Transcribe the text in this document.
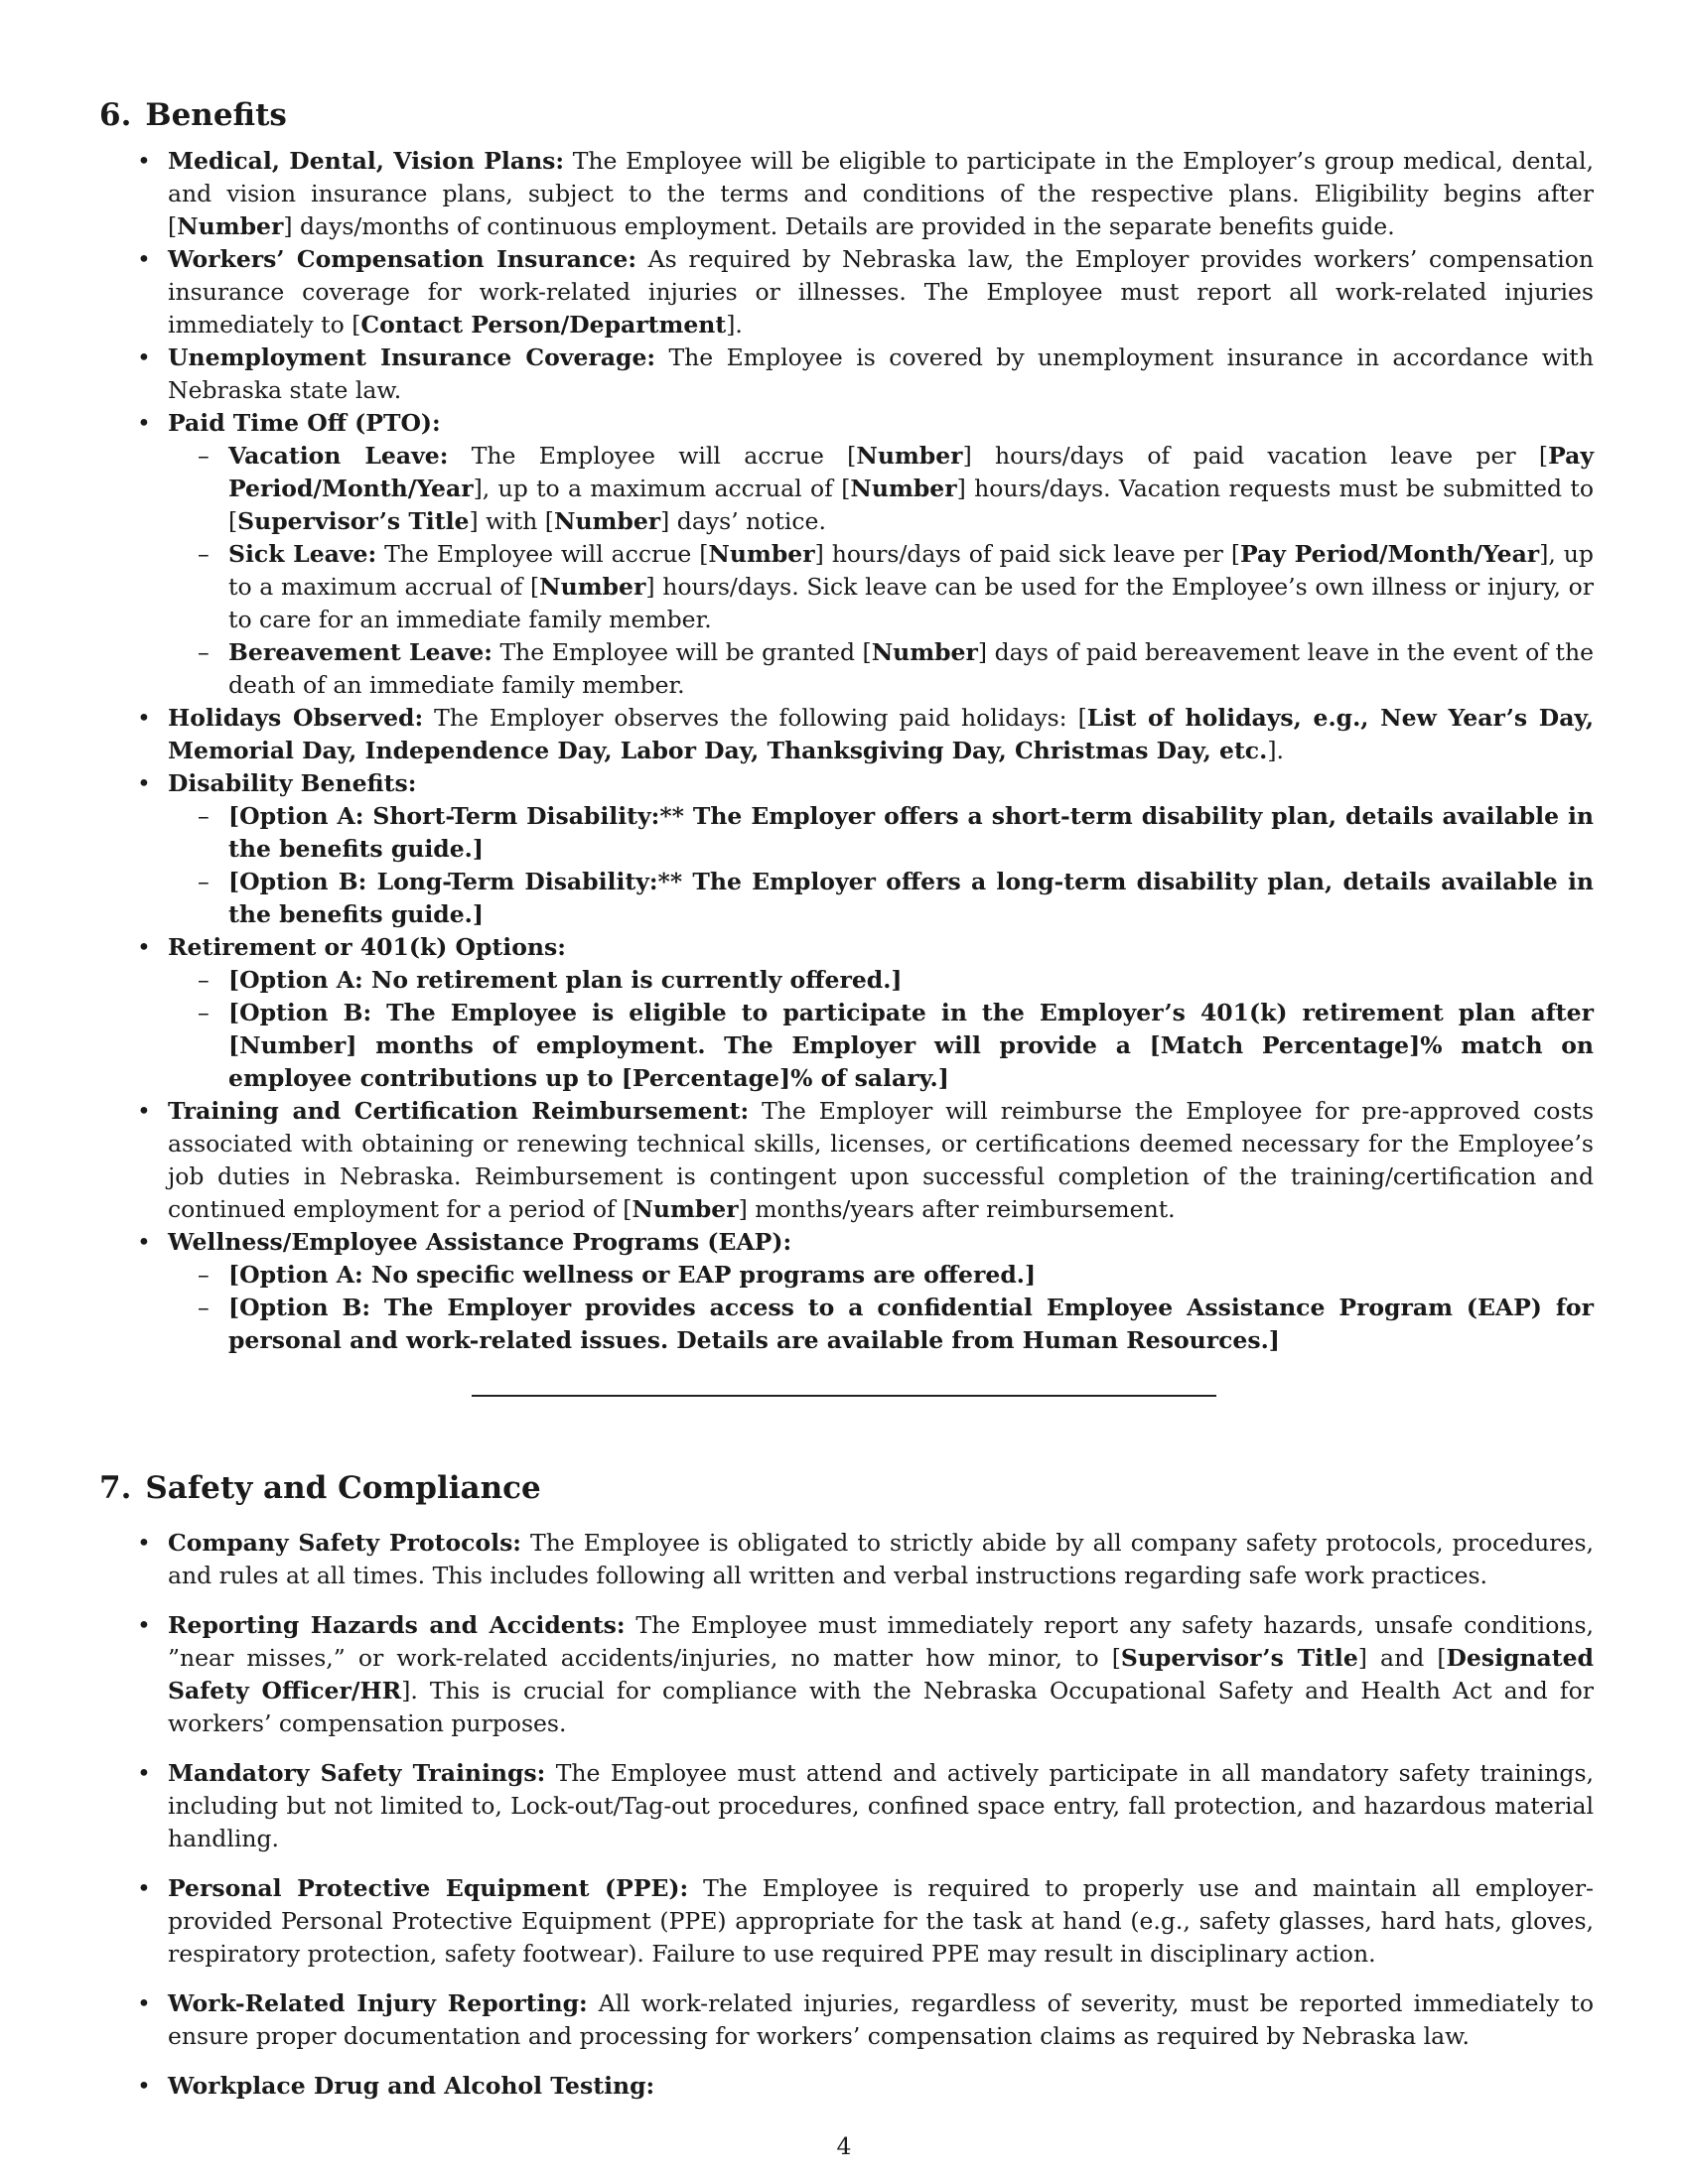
6. Benefits
• Medical, Dental, Vision Plans: The Employee will be eligible to participate in the Employer’s group medical, dental, and vision insurance plans, subject to the terms and conditions of the respective plans. Eligibility begins after [Number] days/months of continuous employment. Details are provided in the separate benefits guide.
• Workers’ Compensation Insurance: As required by Nebraska law, the Employer provides workers’ compensation insurance coverage for work-related injuries or illnesses. The Employee must report all work-related injuries immediately to [Contact Person/Department].
• Unemployment Insurance Coverage: The Employee is covered by unemployment insurance in accordance with Nebraska state law.
• Paid Time Off (PTO):
– Vacation Leave: The Employee will accrue [Number] hours/days of paid vacation leave per [Pay Period/Month/Year], up to a maximum accrual of [Number] hours/days. Vacation requests must be submitted to [Supervisor’s Title] with [Number] days’ notice.
– Sick Leave: The Employee will accrue [Number] hours/days of paid sick leave per [Pay Period/Month/Year], up to a maximum accrual of [Number] hours/days. Sick leave can be used for the Employee’s own illness or injury, or to care for an immediate family member.
– Bereavement Leave: The Employee will be granted [Number] days of paid bereavement leave in the event of the death of an immediate family member.
• Holidays Observed: The Employer observes the following paid holidays: [List of holidays, e.g., New Year’s Day, Memorial Day, Independence Day, Labor Day, Thanksgiving Day, Christmas Day, etc.].
• Disability Benefits:
– [Option A: Short-Term Disability:** The Employer offers a short-term disability plan, details available in the benefits guide.]
– [Option B: Long-Term Disability:** The Employer offers a long-term disability plan, details available in the benefits guide.]
• Retirement or 401(k) Options:
– [Option A: No retirement plan is currently offered.]
– [Option B: The Employee is eligible to participate in the Employer’s 401(k) retirement plan after [Number] months of employment. The Employer will provide a [Match Percentage]% match on employee contributions up to [Percentage]% of salary.]
• Training and Certification Reimbursement: The Employer will reimburse the Employee for pre-approved costs associated with obtaining or renewing technical skills, licenses, or certifications deemed necessary for the Employee’s job duties in Nebraska. Reimbursement is contingent upon successful completion of the training/certification and continued employment for a period of [Number] months/years after reimbursement.
• Wellness/Employee Assistance Programs (EAP):
– [Option A: No specific wellness or EAP programs are offered.]
– [Option B: The Employer provides access to a confidential Employee Assistance Program (EAP) for personal and work-related issues. Details are available from Human Resources.]
7. Safety and Compliance
• Company Safety Protocols: The Employee is obligated to strictly abide by all company safety protocols, procedures, and rules at all times. This includes following all written and verbal instructions regarding safe work practices.
• Reporting Hazards and Accidents: The Employee must immediately report any safety hazards, unsafe conditions, ”near misses,” or work-related accidents/injuries, no matter how minor, to [Supervisor’s Title] and [Designated Safety Officer/HR]. This is crucial for compliance with the Nebraska Occupational Safety and Health Act and for workers’ compensation purposes.
• Mandatory Safety Trainings: The Employee must attend and actively participate in all mandatory safety trainings, including but not limited to, Lock-out/Tag-out procedures, confined space entry, fall protection, and hazardous material handling.
• Personal Protective Equipment (PPE): The Employee is required to properly use and maintain all employer-provided Personal Protective Equipment (PPE) appropriate for the task at hand (e.g., safety glasses, hard hats, gloves, respiratory protection, safety footwear). Failure to use required PPE may result in disciplinary action.
• Work-Related Injury Reporting: All work-related injuries, regardless of severity, must be reported immediately to ensure proper documentation and processing for workers’ compensation claims as required by Nebraska law.
• Workplace Drug and Alcohol Testing:
4
